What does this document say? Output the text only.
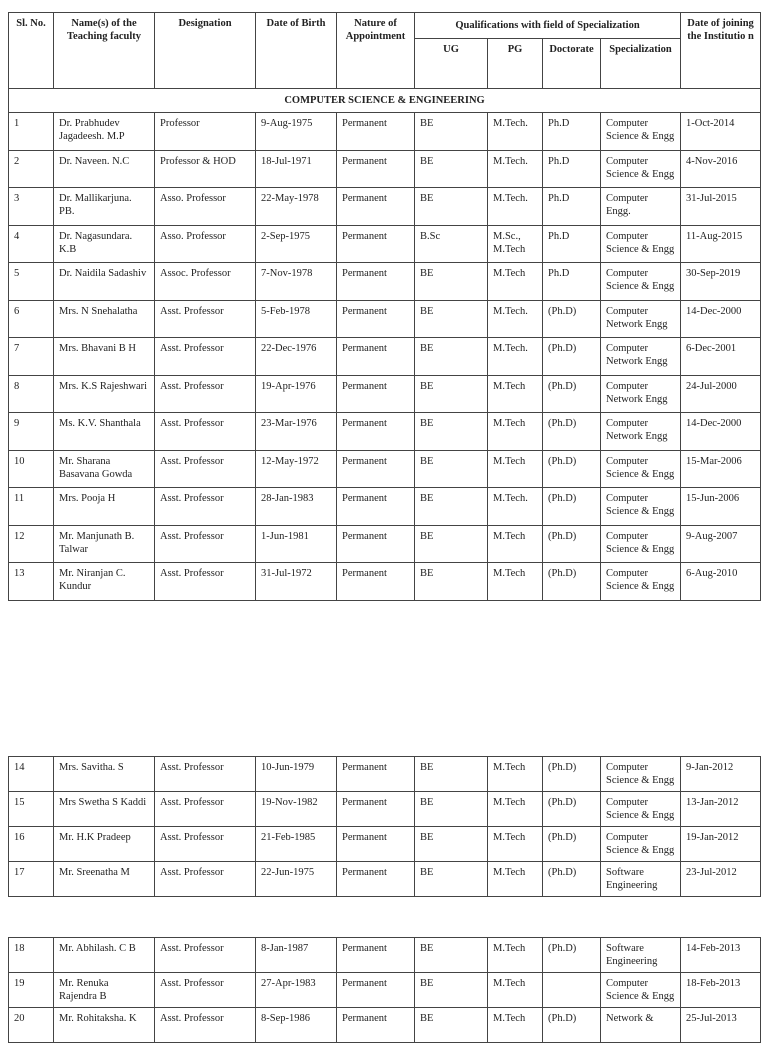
Sl. No.	Name(s) of the Teaching faculty	Designation	Date of Birth	Nature of Appointment	Qualifications with field of Specialization				Date of joining the Institutio n
					UG	PG	Doctorate	Specialization	
COMPUTER SCIENCE & ENGINEERING									
1	Dr. Prabhudev Jagadeesh. M.P	Professor	9-Aug-1975	Permanent	BE	M.Tech.	Ph.D	Computer Science & Engg	1-Oct-2014
2	Dr. Naveen. N.C	Professor & HOD	18-Jul-1971	Permanent	BE	M.Tech.	Ph.D	Computer Science & Engg	4-Nov-2016
3	Dr. Mallikarjuna. PB.	Asso. Professor	22-May-1978	Permanent	BE	M.Tech.	Ph.D	Computer Engg.	31-Jul-2015
4	Dr. Nagasundara. K.B	Asso. Professor	2-Sep-1975	Permanent	B.Sc	M.Sc., M.Tech	Ph.D	Computer Science & Engg	11-Aug-2015
5	Dr. Naidila Sadashiv	Assoc. Professor	7-Nov-1978	Permanent	BE	M.Tech	Ph.D	Computer Science & Engg	30-Sep-2019
6	Mrs. N Snehalatha	Asst. Professor	5-Feb-1978	Permanent	BE	M.Tech.	(Ph.D)	Computer Network Engg	14-Dec-2000
7	Mrs. Bhavani B H	Asst. Professor	22-Dec-1976	Permanent	BE	M.Tech.	(Ph.D)	Computer Network Engg	6-Dec-2001
8	Mrs. K.S Rajeshwari	Asst. Professor	19-Apr-1976	Permanent	BE	M.Tech	(Ph.D)	Computer Network Engg	24-Jul-2000
9	Ms. K.V. Shanthala	Asst. Professor	23-Mar-1976	Permanent	BE	M.Tech	(Ph.D)	Computer Network Engg	14-Dec-2000
10	Mr. Sharana Basavana Gowda	Asst. Professor	12-May-1972	Permanent	BE	M.Tech	(Ph.D)	Computer Science & Engg	15-Mar-2006
11	Mrs. Pooja H	Asst. Professor	28-Jan-1983	Permanent	BE	M.Tech.	(Ph.D)	Computer Science & Engg	15-Jun-2006
12	Mr. Manjunath B. Talwar	Asst. Professor	1-Jun-1981	Permanent	BE	M.Tech	(Ph.D)	Computer Science & Engg	9-Aug-2007
13	Mr. Niranjan C. Kundur	Asst. Professor	31-Jul-1972	Permanent	BE	M.Tech	(Ph.D)	Computer Science & Engg	6-Aug-2010
14	Mrs. Savitha. S	Asst. Professor	10-Jun-1979	Permanent	BE	M.Tech	(Ph.D)	Computer Science & Engg	9-Jan-2012
15	Mrs Swetha S Kaddi	Asst. Professor	19-Nov-1982	Permanent	BE	M.Tech	(Ph.D)	Computer Science & Engg	13-Jan-2012
16	Mr. H.K Pradeep	Asst. Professor	21-Feb-1985	Permanent	BE	M.Tech	(Ph.D)	Computer Science & Engg	19-Jan-2012
17	Mr. Sreenatha M	Asst. Professor	22-Jun-1975	Permanent	BE	M.Tech	(Ph.D)	Software Engineering	23-Jul-2012
18	Mr. Abhilash. C B	Asst. Professor	8-Jan-1987	Permanent	BE	M.Tech	(Ph.D)	Software Engineering	14-Feb-2013
19	Mr. Renuka Rajendra B	Asst. Professor	27-Apr-1983	Permanent	BE	M.Tech		Computer Science & Engg	18-Feb-2013
20	Mr. Rohitaksha. K	Asst. Professor	8-Sep-1986	Permanent	BE	M.Tech	(Ph.D)	Network &	25-Jul-2013
